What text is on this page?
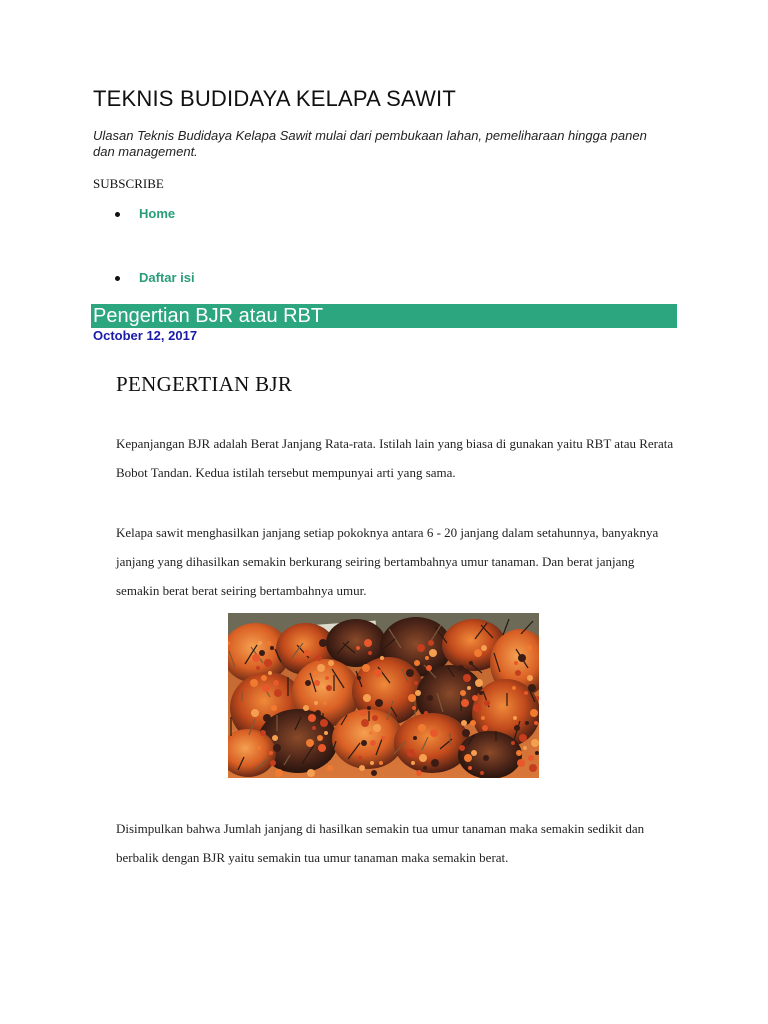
TEKNIS BUDIDAYA KELAPA SAWIT

Ulasan Teknis Budidaya Kelapa Sawit mulai dari pembukaan lahan, pemeliharaan hingga panen dan management.

SUBSCRIBE
Home
Daftar isi
Pengertian BJR atau RBT
October 12, 2017
PENGERTIAN BJR

Kepanjangan BJR adalah Berat Janjang Rata-rata. Istilah lain yang biasa di gunakan yaitu RBT atau Rerata Bobot Tandan. Kedua istilah tersebut mempunyai arti yang sama.

Kelapa sawit menghasilkan janjang setiap pokoknya antara 6 - 20 janjang dalam setahunnya, banyaknya janjang yang dihasilkan semakin berkurang seiring bertambahnya umur tanaman. Dan berat janjang semakin berat berat seiring bertambahnya umur.

Disimpulkan bahwa Jumlah janjang di hasilkan semakin tua umur tanaman maka semakin sedikit dan berbalik dengan BJR yaitu semakin tua umur tanaman maka semakin berat.
